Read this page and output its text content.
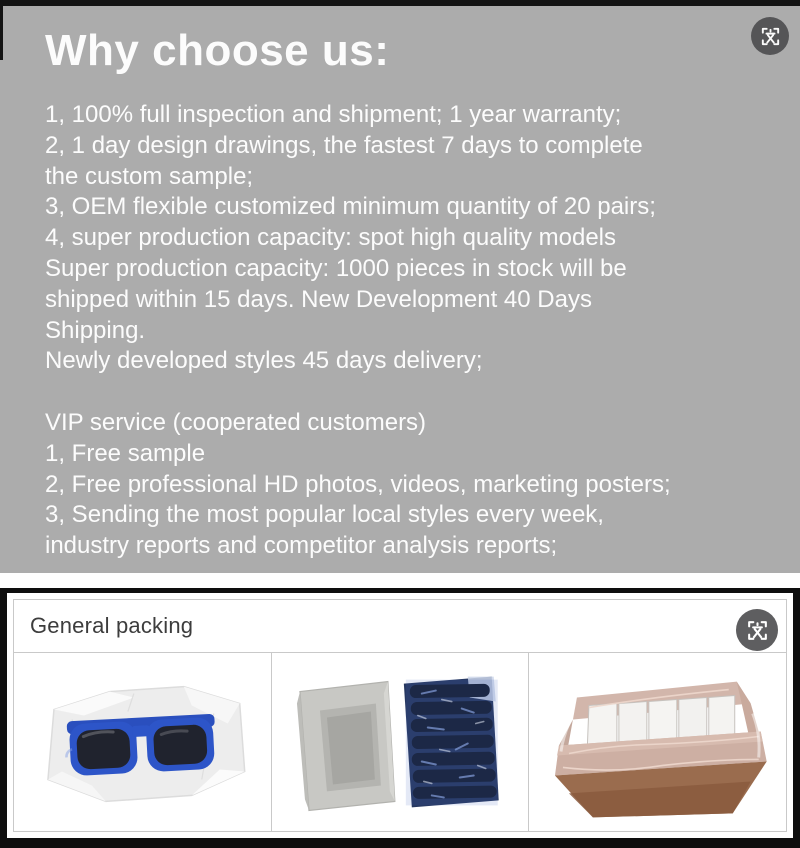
Why choose us:
1, 100% full inspection and shipment; 1 year warranty;
2, 1 day design drawings, the fastest 7 days to complete
the custom sample;
3, OEM flexible customized minimum quantity of 20 pairs;
4, super production capacity: spot high quality models
Super production capacity: 1000 pieces in stock will be
shipped within 15 days. New Development 40 Days
Shipping.
Newly developed styles 45 days delivery;
VIP service (cooperated customers)
1, Free sample
2, Free professional HD photos, videos, marketing posters;
3, Sending the most popular local styles every week,
industry reports and competitor analysis reports;
General packing
